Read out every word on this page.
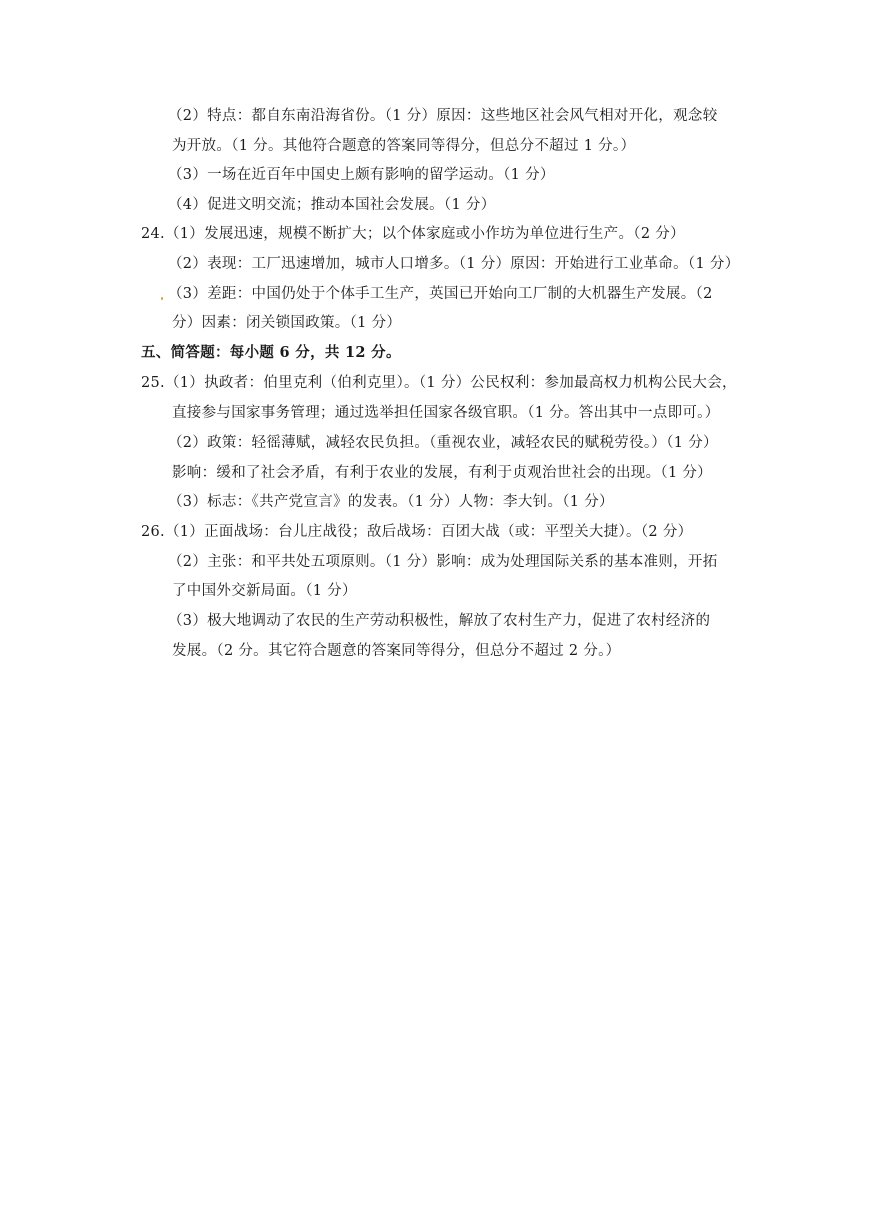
（2）特点：都自东南沿海省份。（1 分）原因：这些地区社会风气相对开化，观念较
为开放。（1 分。其他符合题意的答案同等得分，但总分不超过 1 分。）
（3）一场在近百年中国史上颇有影响的留学运动。（1 分）
（4）促进文明交流；推动本国社会发展。（1 分）
24.（1）发展迅速，规模不断扩大；以个体家庭或小作坊为单位进行生产。（2 分）
（2）表现：工厂迅速增加，城市人口增多。（1 分）原因：开始进行工业革命。（1 分）
（3）差距：中国仍处于个体手工生产，英国已开始向工厂制的大机器生产发展。（2
分）因素：闭关锁国政策。（1 分）
五、简答题：每小题 6 分，共 12 分。
25.（1）执政者：伯里克利（伯利克里）。（1 分）公民权利：参加最高权力机构公民大会，
直接参与国家事务管理；通过选举担任国家各级官职。（1 分。答出其中一点即可。）
（2）政策：轻徭薄赋，减轻农民负担。（重视农业，减轻农民的赋税劳役。）（1 分）
影响：缓和了社会矛盾，有利于农业的发展，有利于贞观治世社会的出现。（1 分）
（3）标志：《共产党宣言》的发表。（1 分）人物：李大钊。（1 分）
26.（1）正面战场：台儿庄战役；敌后战场：百团大战（或：平型关大捷）。（2 分）
（2）主张：和平共处五项原则。（1 分）影响：成为处理国际关系的基本准则，开拓
了中国外交新局面。（1 分）
（3）极大地调动了农民的生产劳动积极性，解放了农村生产力，促进了农村经济的
发展。（2 分。其它符合题意的答案同等得分，但总分不超过 2 分。）
